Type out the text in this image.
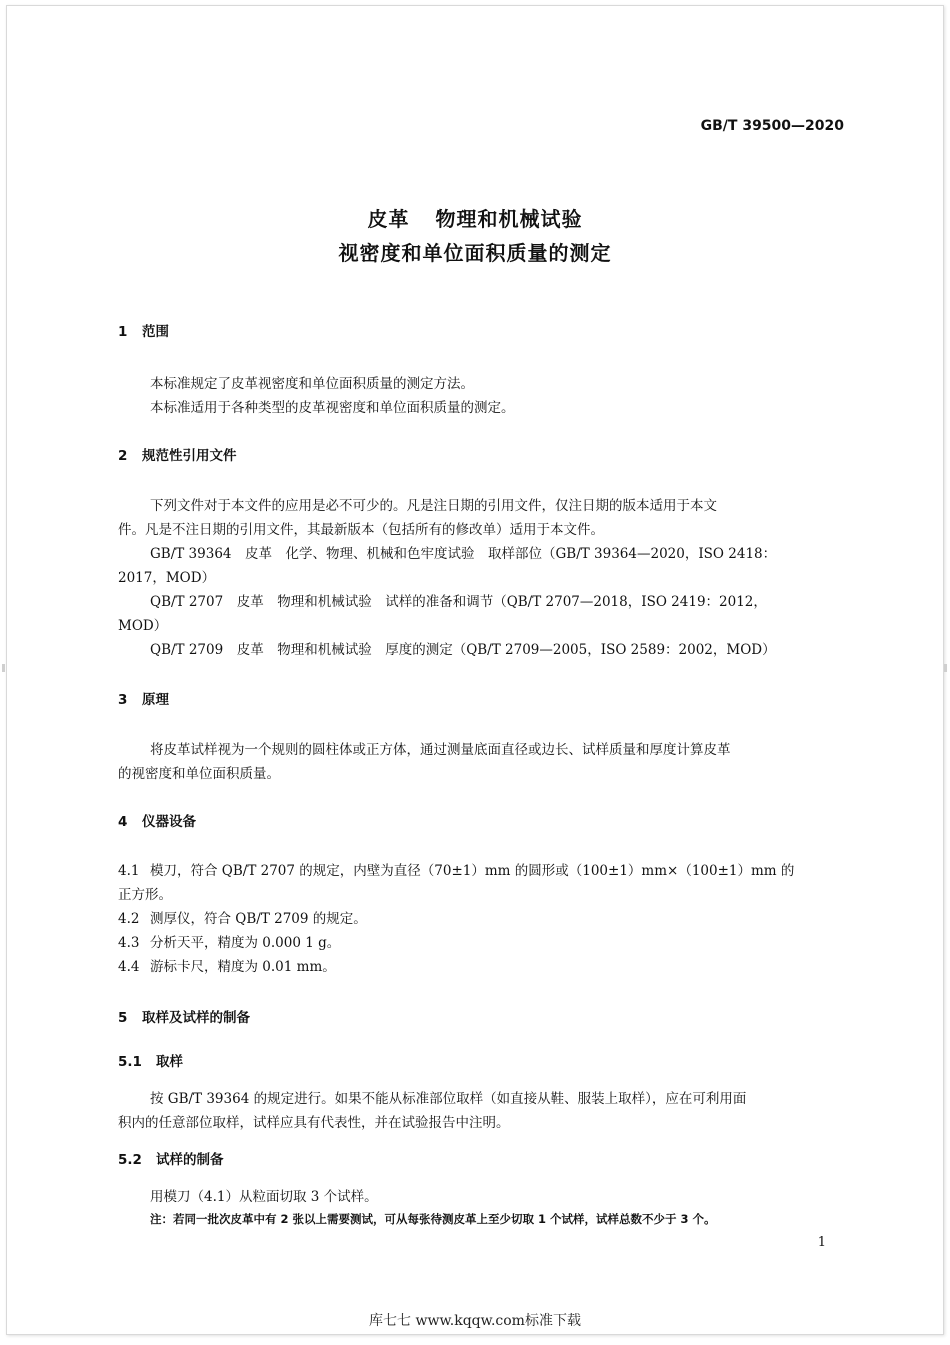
GB/T 39500—2020
皮革 物理和机械试验
视密度和单位面积质量的测定
1 范围
本标准规定了皮革视密度和单位面积质量的测定方法。
本标准适用于各种类型的皮革视密度和单位面积质量的测定。
2 规范性引用文件
下列文件对于本文件的应用是必不可少的。凡是注日期的引用文件，仅注日期的版本适用于本文
件。凡是不注日期的引用文件，其最新版本（包括所有的修改单）适用于本文件。
GB/T 39364　皮革　化学、物理、机械和色牢度试验　取样部位（GB/T 39364—2020，ISO 2418：
2017，MOD）
QB/T 2707　皮革　物理和机械试验　试样的准备和调节（QB/T 2707—2018，ISO 2419：2012，
MOD）
QB/T 2709　皮革　物理和机械试验　厚度的测定（QB/T 2709—2005，ISO 2589：2002，MOD）
3 原理
将皮革试样视为一个规则的圆柱体或正方体，通过测量底面直径或边长、试样质量和厚度计算皮革
的视密度和单位面积质量。
4 仪器设备
4.1 模刀，符合 QB/T 2707 的规定，内壁为直径（70±1）mm 的圆形或（100±1）mm×（100±1）mm 的
正方形。
4.2 测厚仪，符合 QB/T 2709 的规定。
4.3 分析天平，精度为 0.000 1 g。
4.4 游标卡尺，精度为 0.01 mm。
5 取样及试样的制备
5.1 取样
按 GB/T 39364 的规定进行。如果不能从标准部位取样（如直接从鞋、服装上取样），应在可利用面
积内的任意部位取样，试样应具有代表性，并在试验报告中注明。
5.2 试样的制备
用模刀（4.1）从粒面切取 3 个试样。
注：若同一批次皮革中有 2 张以上需要测试，可从每张待测皮革上至少切取 1 个试样，试样总数不少于 3 个。
1
库七七 www.kqqw.com标准下载
